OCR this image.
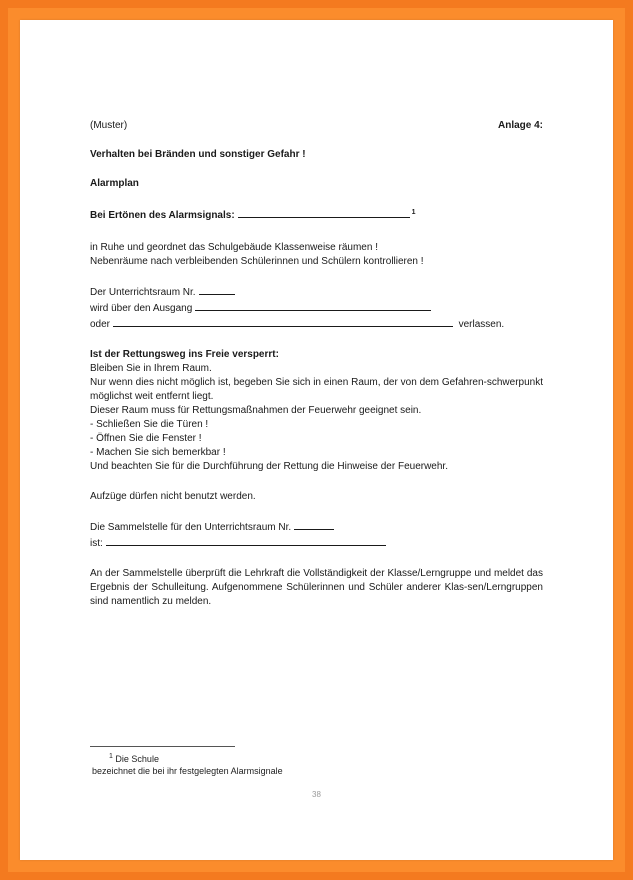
(Muster)	Anlage 4:
Verhalten bei Bränden und sonstiger Gefahr !
Alarmplan
Bei Ertönen des Alarmsignals:	$^1$
in Ruhe und geordnet das Schulgebäude Klassenweise räumen !
Nebenräume nach verbleibenden Schülerinnen und Schülern kontrollieren !
Der Unterrichtsraum Nr.
wird über den Ausgang
oder	verlassen.
Ist der Rettungsweg ins Freie versperrt:
Bleiben Sie in Ihrem Raum.
Nur wenn dies nicht möglich ist, begeben Sie sich in einen Raum, der von dem Gefahren-schwerpunkt möglichst weit entfernt liegt.
Dieser Raum muss für Rettungsmaßnahmen der Feuerwehr geeignet sein.
- Schließen Sie die Türen !
- Öffnen Sie die Fenster !
- Machen Sie sich bemerkbar !
Und beachten Sie für die Durchführung der Rettung die Hinweise der Feuerwehr.
Aufzüge dürfen nicht benutzt werden.
Die Sammelstelle für den Unterrichtsraum Nr.
ist:
An der Sammelstelle überprüft die Lehrkraft die Vollständigkeit der Klasse/Lerngruppe und meldet das Ergebnis der Schulleitung. Aufgenommene Schülerinnen und Schüler anderer Klas-sen/Lerngruppen sind namentlich zu melden.
$^1$ Die Schule
bezeichnet die bei ihr festgelegten Alarmsignale
38
